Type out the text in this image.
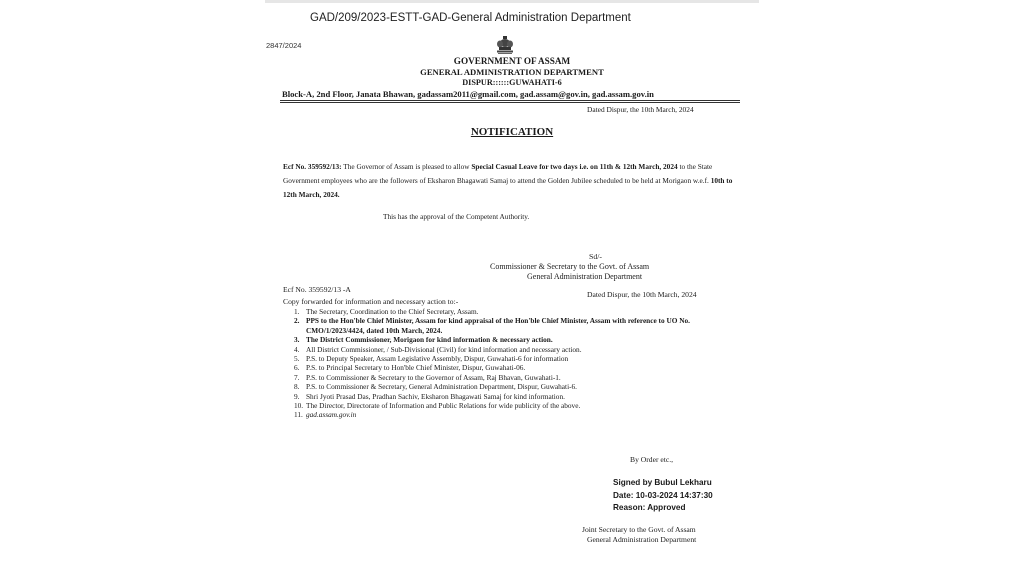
GAD/209/2023-ESTT-GAD-General Administration Department
2847/2024
GOVERNMENT OF ASSAM
GENERAL ADMINISTRATION DEPARTMENT
DISPUR::::::GUWAHATI-6
Block-A, 2nd Floor, Janata Bhawan, gadassam2011@gmail.com, gad.assam@gov.in, gad.assam.gov.in
Dated Dispur, the 10th March, 2024
NOTIFICATION
Ecf No. 359592/13: The Governor of Assam is pleased to allow Special Casual Leave for two days i.e. on 11th & 12th March, 2024 to the State Government employees who are the followers of Eksharon Bhagawati Samaj to attend the Golden Jubilee scheduled to be held at Morigaon w.e.f. 10th to 12th March, 2024.
This has the approval of the Competent Authority.
Sd/-
Commissioner & Secretary to the Govt. of Assam
General Administration Department
Ecf No. 359592/13 -A
Dated Dispur, the 10th March, 2024
Copy forwarded for information and necessary action to:-
1. The Secretary, Coordination to the Chief Secretary, Assam.
2. PPS to the Hon'ble Chief Minister, Assam for kind appraisal of the Hon'ble Chief Minister, Assam with reference to UO No. CMO/1/2023/4424, dated 10th March, 2024.
3. The District Commissioner, Morigaon for kind information & necessary action.
4. All District Commissioner, / Sub-Divisional (Civil) for kind information and necessary action.
5. P.S. to Deputy Speaker, Assam Legislative Assembly, Dispur, Guwahati-6 for information
6. P.S. to Principal Secretary to Hon'ble Chief Minister, Dispur, Guwahati-06.
7. P.S. to Commissioner & Secretary to the Governor of Assam, Raj Bhavan, Guwahati-1.
8. P.S. to Commissioner & Secretary, General Administration Department, Dispur, Guwahati-6.
9. Shri Jyoti Prasad Das, Pradhan Sachiv, Eksharon Bhagawati Samaj for kind information.
10. The Director, Directorate of Information and Public Relations for wide publicity of the above.
11. gad.assam.gov.in
By Order etc.,
Signed by Bubul Lekharu
Date: 10-03-2024 14:37:30
Reason: Approved
Joint Secretary to the Govt. of Assam
General Administration Department
